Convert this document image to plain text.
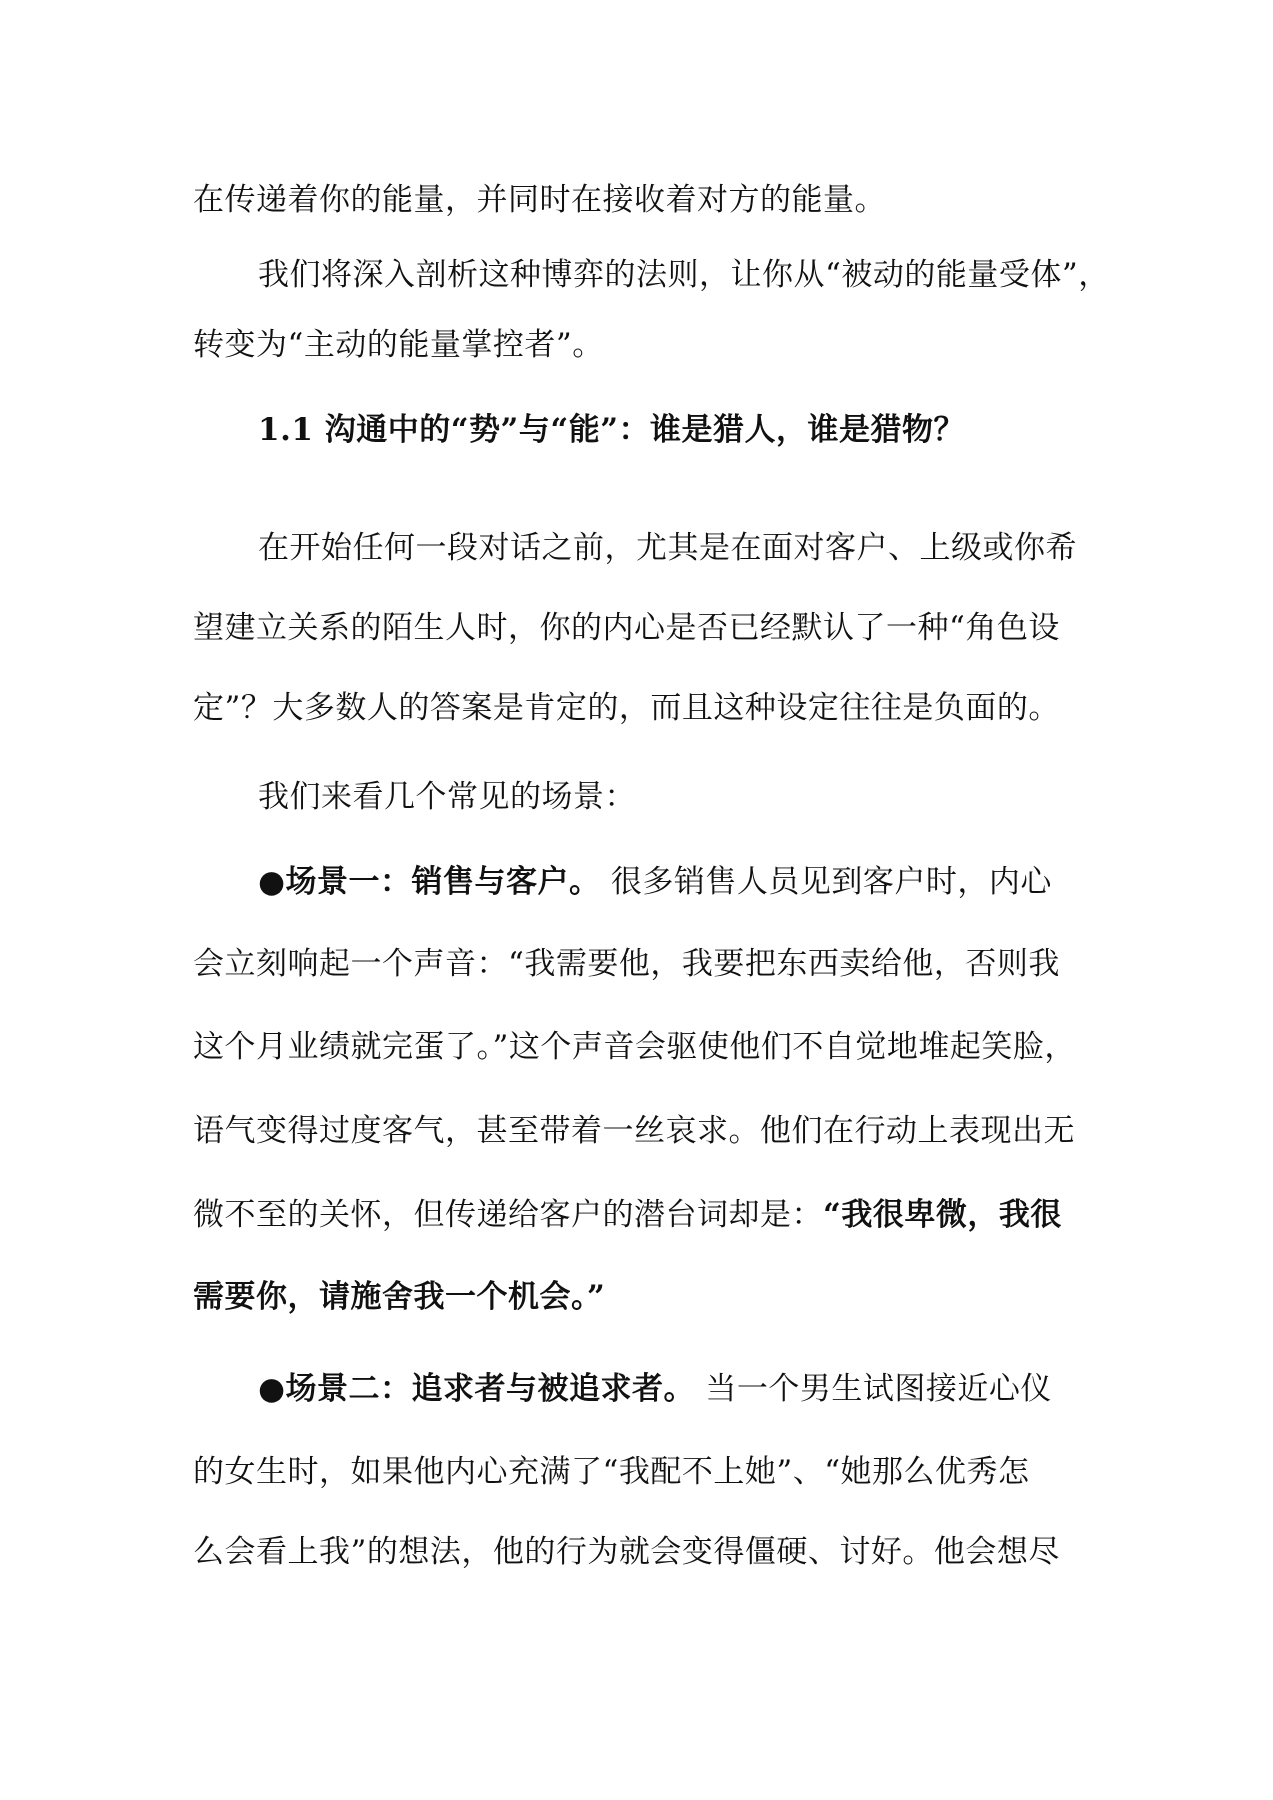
在传递着你的能量，并同时在接收着对方的能量。
我们将深入剖析这种博弈的法则，让你从“被动的能量受体”，
转变为“主动的能量掌控者”。
1.1 沟通中的“势”与“能”：谁是猎人，谁是猎物？
在开始任何一段对话之前，尤其是在面对客户、上级或你希
望建立关系的陌生人时，你的内心是否已经默认了一种“角色设
定”？大多数人的答案是肯定的，而且这种设定往往是负面的。
我们来看几个常见的场景：
●场景一：销售与客户。 很多销售人员见到客户时，内心
会立刻响起一个声音：“我需要他，我要把东西卖给他，否则我
这个月业绩就完蛋了。”这个声音会驱使他们不自觉地堆起笑脸，
语气变得过度客气，甚至带着一丝哀求。他们在行动上表现出无
微不至的关怀，但传递给客户的潜台词却是：“我很卑微，我很
需要你，请施舍我一个机会。”
●场景二：追求者与被追求者。 当一个男生试图接近心仪
的女生时，如果他内心充满了“我配不上她”、“她那么优秀怎
么会看上我”的想法，他的行为就会变得僵硬、讨好。他会想尽
